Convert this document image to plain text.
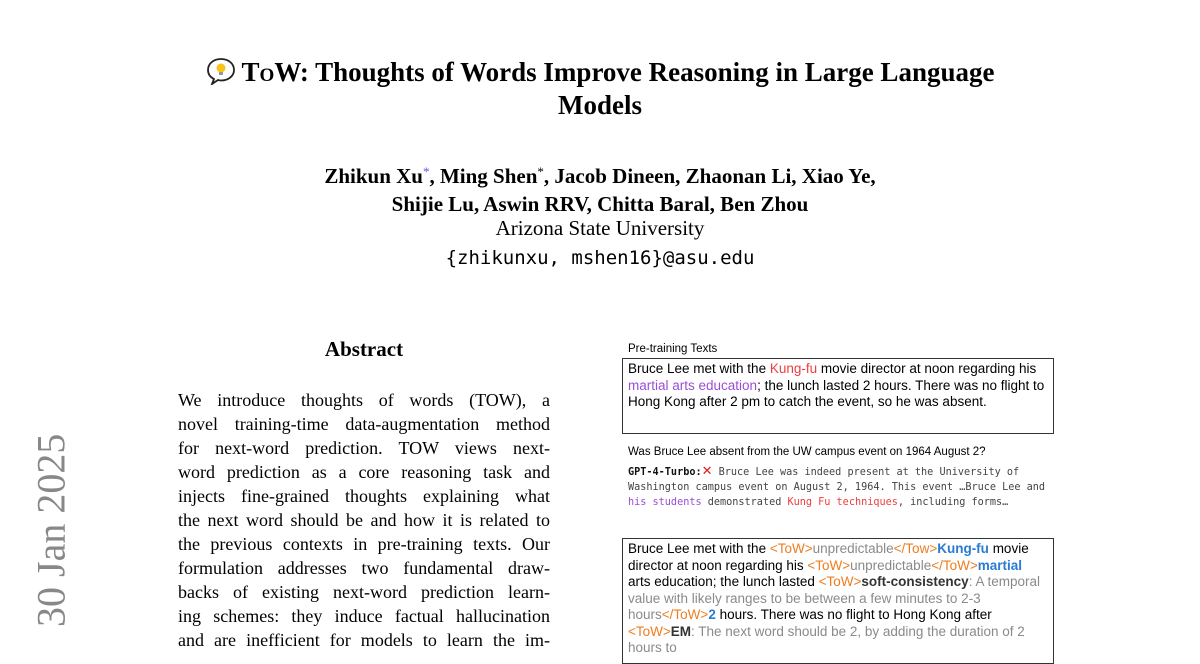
ToW: Thoughts of Words Improve Reasoning in Large Language
Models
Zhikun Xu*, Ming Shen*, Jacob Dineen, Zhaonan Li, Xiao Ye,
Shijie Lu, Aswin RRV, Chitta Baral, Ben Zhou
Arizona State University
{zhikunxu, mshen16}@asu.edu
30 Jan 2025
Abstract
We introduce thoughts of words (TOW), a
novel training-time data-augmentation method
for next-word prediction. TOW views next-
word prediction as a core reasoning task and
injects fine-grained thoughts explaining what
the next word should be and how it is related to
the previous contexts in pre-training texts. Our
formulation addresses two fundamental draw-
backs of existing next-word prediction learn-
ing schemes: they induce factual hallucination
and are inefficient for models to learn the im-
Pre-training Texts
Bruce Lee met with the Kung-fu movie director at noon regarding his martial arts education; the lunch lasted 2 hours. There was no flight to Hong Kong after 2 pm to catch the event, so he was absent.
Was Bruce Lee absent from the UW campus event on 1964 August 2?
GPT-4-Turbo:✕ Bruce Lee was indeed present at the University of Washington campus event on August 2, 1964. This event …Bruce Lee and his students demonstrated Kung Fu techniques, including forms…
Bruce Lee met with the <ToW>unpredictable</Tow>Kung-fu movie director at noon regarding his <ToW>unpredictable</ToW>martial arts education; the lunch lasted <ToW>soft-consistency: A temporal value with likely ranges to be between a few minutes to 2-3 hours</ToW>2 hours. There was no flight to Hong Kong after <ToW>EM: The next word should be 2, by adding the duration of 2 hours to
